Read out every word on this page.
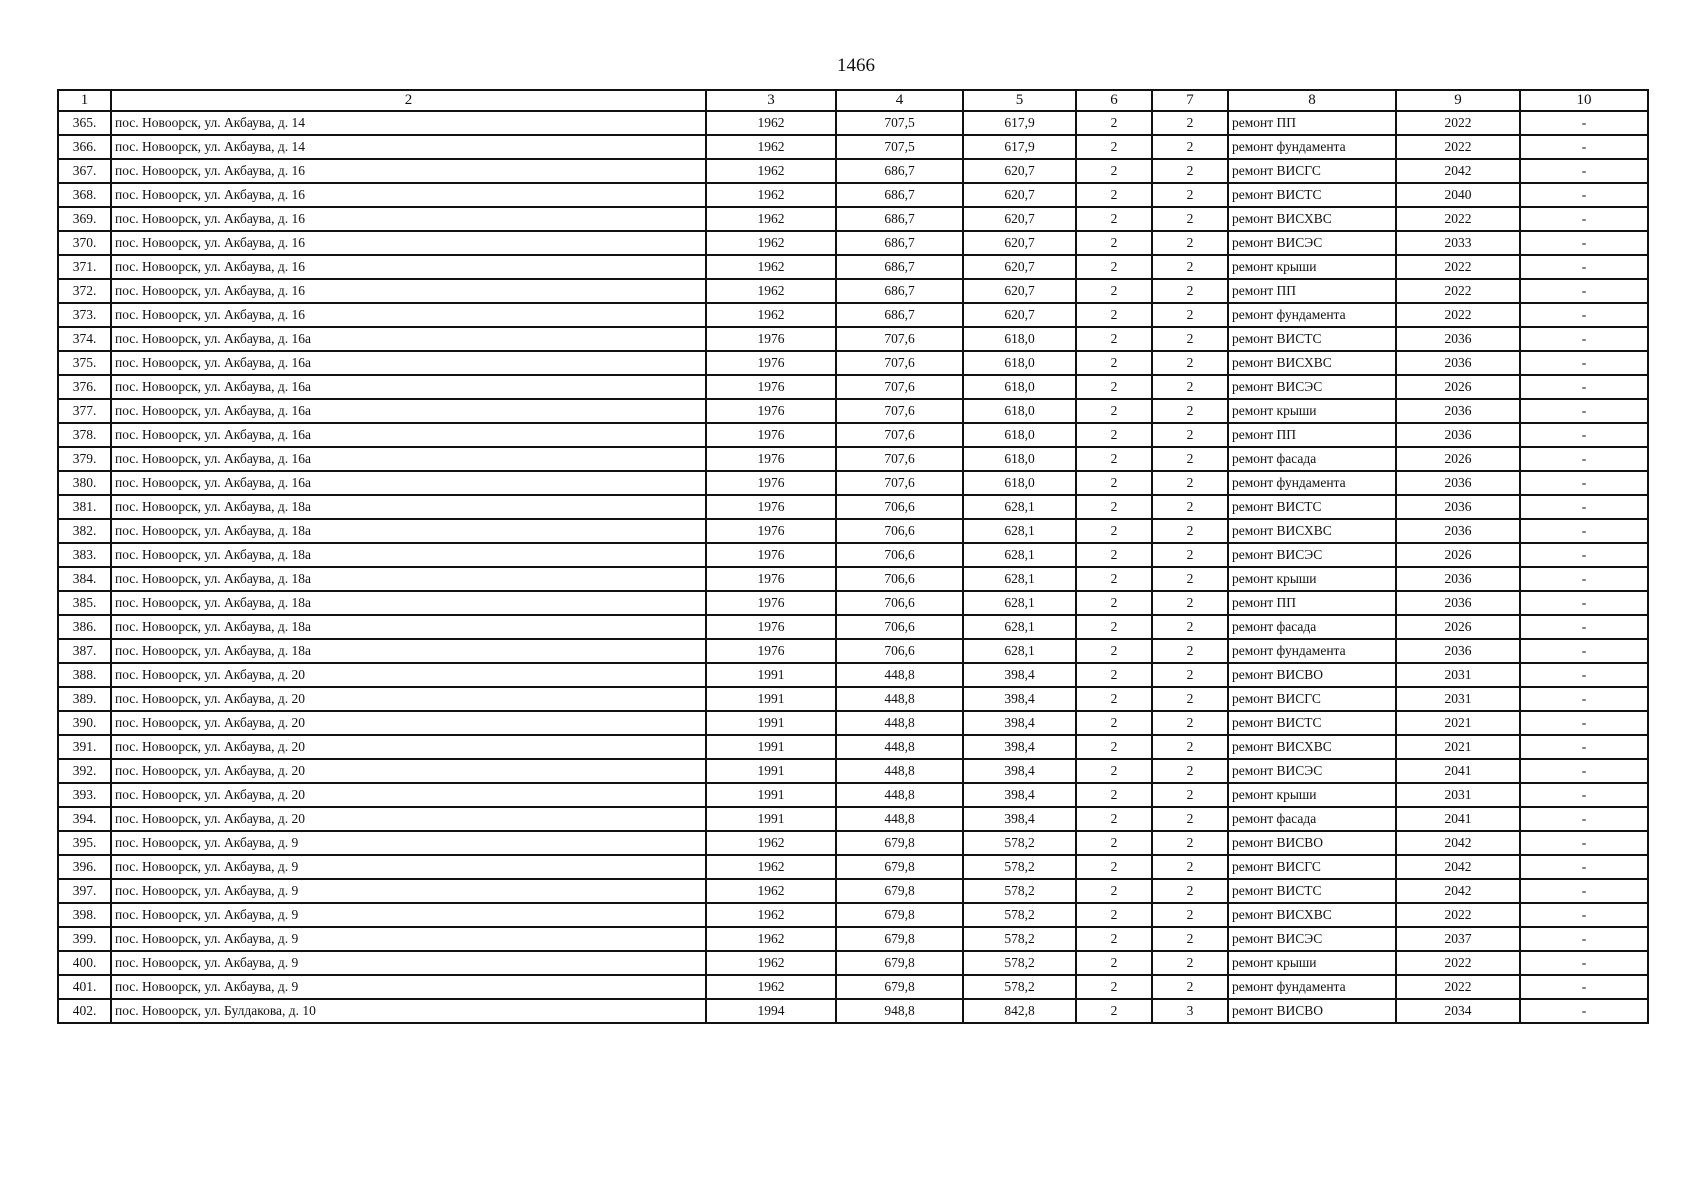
1466
1	2	3	4	5	6	7	8	9	10
365.	пос. Новоорск, ул. Акбаува, д. 14	1962	707,5	617,9	2	2	ремонт ПП	2022	-
366.	пос. Новоорск, ул. Акбаува, д. 14	1962	707,5	617,9	2	2	ремонт фундамента	2022	-
367.	пос. Новоорск, ул. Акбаува, д. 16	1962	686,7	620,7	2	2	ремонт ВИСГС	2042	-
368.	пос. Новоорск, ул. Акбаува, д. 16	1962	686,7	620,7	2	2	ремонт ВИСТС	2040	-
369.	пос. Новоорск, ул. Акбаува, д. 16	1962	686,7	620,7	2	2	ремонт ВИСХВС	2022	-
370.	пос. Новоорск, ул. Акбаува, д. 16	1962	686,7	620,7	2	2	ремонт ВИСЭС	2033	-
371.	пос. Новоорск, ул. Акбаува, д. 16	1962	686,7	620,7	2	2	ремонт крыши	2022	-
372.	пос. Новоорск, ул. Акбаува, д. 16	1962	686,7	620,7	2	2	ремонт ПП	2022	-
373.	пос. Новоорск, ул. Акбаува, д. 16	1962	686,7	620,7	2	2	ремонт фундамента	2022	-
374.	пос. Новоорск, ул. Акбаува, д. 16а	1976	707,6	618,0	2	2	ремонт ВИСТС	2036	-
375.	пос. Новоорск, ул. Акбаува, д. 16а	1976	707,6	618,0	2	2	ремонт ВИСХВС	2036	-
376.	пос. Новоорск, ул. Акбаува, д. 16а	1976	707,6	618,0	2	2	ремонт ВИСЭС	2026	-
377.	пос. Новоорск, ул. Акбаува, д. 16а	1976	707,6	618,0	2	2	ремонт крыши	2036	-
378.	пос. Новоорск, ул. Акбаува, д. 16а	1976	707,6	618,0	2	2	ремонт ПП	2036	-
379.	пос. Новоорск, ул. Акбаува, д. 16а	1976	707,6	618,0	2	2	ремонт фасада	2026	-
380.	пос. Новоорск, ул. Акбаува, д. 16а	1976	707,6	618,0	2	2	ремонт фундамента	2036	-
381.	пос. Новоорск, ул. Акбаува, д. 18а	1976	706,6	628,1	2	2	ремонт ВИСТС	2036	-
382.	пос. Новоорск, ул. Акбаува, д. 18а	1976	706,6	628,1	2	2	ремонт ВИСХВС	2036	-
383.	пос. Новоорск, ул. Акбаува, д. 18а	1976	706,6	628,1	2	2	ремонт ВИСЭС	2026	-
384.	пос. Новоорск, ул. Акбаува, д. 18а	1976	706,6	628,1	2	2	ремонт крыши	2036	-
385.	пос. Новоорск, ул. Акбаува, д. 18а	1976	706,6	628,1	2	2	ремонт ПП	2036	-
386.	пос. Новоорск, ул. Акбаува, д. 18а	1976	706,6	628,1	2	2	ремонт фасада	2026	-
387.	пос. Новоорск, ул. Акбаува, д. 18а	1976	706,6	628,1	2	2	ремонт фундамента	2036	-
388.	пос. Новоорск, ул. Акбаува, д. 20	1991	448,8	398,4	2	2	ремонт ВИСВО	2031	-
389.	пос. Новоорск, ул. Акбаува, д. 20	1991	448,8	398,4	2	2	ремонт ВИСГС	2031	-
390.	пос. Новоорск, ул. Акбаува, д. 20	1991	448,8	398,4	2	2	ремонт ВИСТС	2021	-
391.	пос. Новоорск, ул. Акбаува, д. 20	1991	448,8	398,4	2	2	ремонт ВИСХВС	2021	-
392.	пос. Новоорск, ул. Акбаува, д. 20	1991	448,8	398,4	2	2	ремонт ВИСЭС	2041	-
393.	пос. Новоорск, ул. Акбаува, д. 20	1991	448,8	398,4	2	2	ремонт крыши	2031	-
394.	пос. Новоорск, ул. Акбаува, д. 20	1991	448,8	398,4	2	2	ремонт фасада	2041	-
395.	пос. Новоорск, ул. Акбаува, д. 9	1962	679,8	578,2	2	2	ремонт ВИСВО	2042	-
396.	пос. Новоорск, ул. Акбаува, д. 9	1962	679,8	578,2	2	2	ремонт ВИСГС	2042	-
397.	пос. Новоорск, ул. Акбаува, д. 9	1962	679,8	578,2	2	2	ремонт ВИСТС	2042	-
398.	пос. Новоорск, ул. Акбаува, д. 9	1962	679,8	578,2	2	2	ремонт ВИСХВС	2022	-
399.	пос. Новоорск, ул. Акбаува, д. 9	1962	679,8	578,2	2	2	ремонт ВИСЭС	2037	-
400.	пос. Новоорск, ул. Акбаува, д. 9	1962	679,8	578,2	2	2	ремонт крыши	2022	-
401.	пос. Новоорск, ул. Акбаува, д. 9	1962	679,8	578,2	2	2	ремонт фундамента	2022	-
402.	пос. Новоорск, ул. Булдакова, д. 10	1994	948,8	842,8	2	3	ремонт ВИСВО	2034	-
